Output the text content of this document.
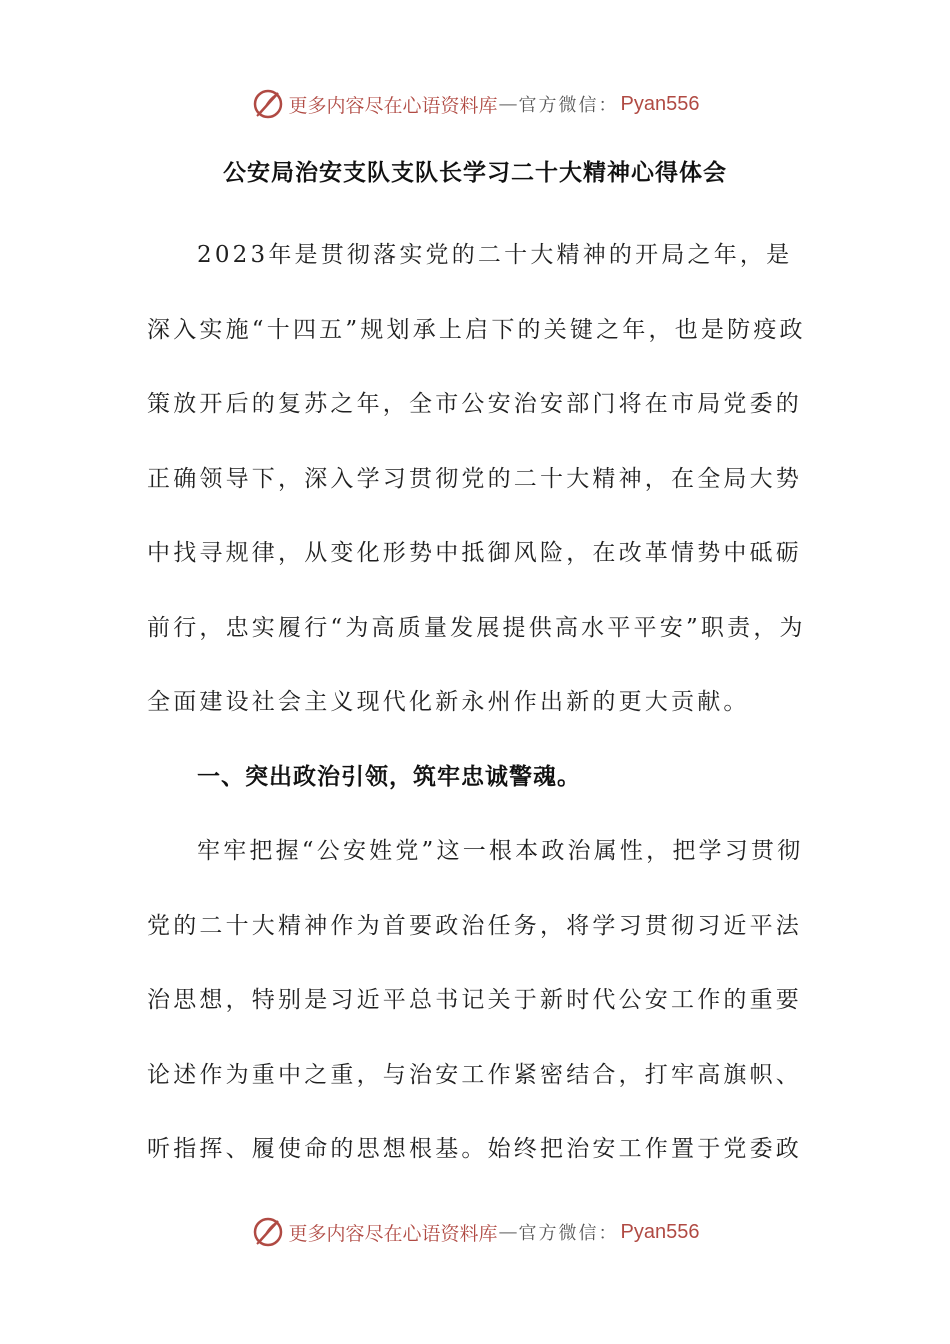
更多内容尽在心语资料库 — 官方微信： Pyan556
公安局治安支队支队长学习二十大精神心得体会

2023年是贯彻落实党的二十大精神的开局之年，是深入实施“十四五”规划承上启下的关键之年，也是防疫政策放开后的复苏之年，全市公安治安部门将在市局党委的正确领导下，深入学习贯彻党的二十大精神，在全局大势中找寻规律，从变化形势中抵御风险，在改革情势中砥砺前行，忠实履行“为高质量发展提供高水平平安”职责，为全面建设社会主义现代化新永州作出新的更大贡献。

一、突出政治引领，筑牢忠诚警魂。

牢牢把握“公安姓党”这一根本政治属性，把学习贯彻党的二十大精神作为首要政治任务，将学习贯彻习近平法治思想，特别是习近平总书记关于新时代公安工作的重要论述作为重中之重，与治安工作紧密结合，打牢高旗帜、听指挥、履使命的思想根基。始终把治安工作置于党委政

更多内容尽在心语资料库 — 官方微信： Pyan556
